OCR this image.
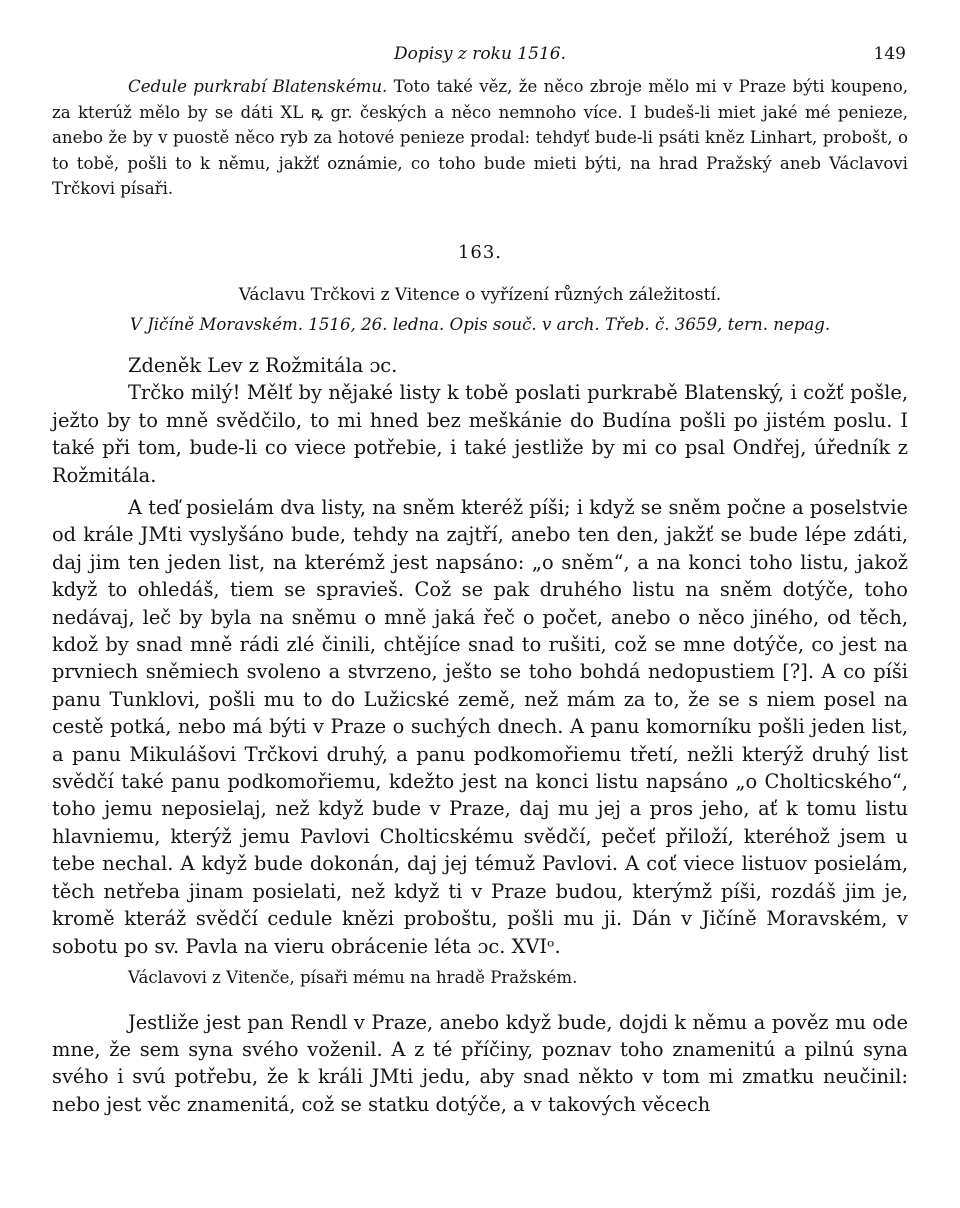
Dopisy z roku 1516.	149

Cedule purkrabí Blatenskému. Toto také věz, že něco zbroje mělo mi v Praze býti koupeno, za kterúž mělo by se dáti XL ꝶ gr. českých a něco nemnoho více. I budeš-li miet jaké mé penieze, anebo že by v puostě něco ryb za hotové penieze prodal: tehdyť bude-li psáti kněz Linhart, probošt, o to tobě, pošli to k němu, jakžť oznámie, co toho bude mieti býti, na hrad Pražský aneb Václavovi Trčkovi písaři.

163.
Václavu Trčkovi z Vitence o vyřízení různých záležitostí.
V Jičíně Moravském. 1516, 26. ledna. Opis souč. v arch. Třeb. č. 3659, tern. nepag.

Zdeněk Lev z Rožmitála ɔc.

Trčko milý! Mělť by nějaké listy k tobě poslati purkrabě Blatenský, i cožť pošle, ježto by to mně svědčilo, to mi hned bez meškánie do Budína pošli po jistém poslu. I také při tom, bude-li co viece potřebie, i také jestliže by mi co psal Ondřej, úředník z Rožmitála.

A teď posielám dva listy, na sněm kteréž píši; i když se sněm počne a poselstvie od krále JMti vyslyšáno bude, tehdy na zajtří, anebo ten den, jakžť se bude lépe zdáti, daj jim ten jeden list, na kterémž jest napsáno: „o sněm“, a na konci toho listu, jakož když to ohledáš, tiem se spravieš. Což se pak druhého listu na sněm dotýče, toho nedávaj, leč by byla na sněmu o mně jaká řeč o počet, anebo o něco jiného, od těch, kdož by snad mně rádi zlé činili, chtějíce snad to rušiti, což se mne dotýče, co jest na prvniech sněmiech svoleno a stvrzeno, ješto se toho bohdá nedopustiem [?]. A co píši panu Tunklovi, pošli mu to do Lužicské země, než mám za to, že se s niem posel na cestě potká, nebo má býti v Praze o suchých dnech. A panu komorníku pošli jeden list, a panu Mikulášovi Trčkovi druhý, a panu podkomořiemu třetí, nežli kterýž druhý list svědčí také panu podkomořiemu, kdežto jest na konci listu napsáno „o Cholticského“, toho jemu neposielaj, než když bude v Praze, daj mu jej a pros jeho, ať k tomu listu hlavniemu, kterýž jemu Pavlovi Cholticskému svědčí, pečeť přiloží, kteréhož jsem u tebe nechal. A když bude dokonán, daj jej témuž Pavlovi. A coť viece listuov posielám, těch netřeba jinam posielati, než když ti v Praze budou, kterýmž píši, rozdáš jim je, kromě kteráž svědčí cedule knězi proboštu, pošli mu ji. Dán v Jičíně Moravském, v sobotu po sv. Pavla na vieru obrácenie léta ɔc. XVIᵒ.

Václavovi z Vitenče, písaři mému na hradě Pražském.

Jestliže jest pan Rendl v Praze, anebo když bude, dojdi k němu a pověz mu ode mne, že sem syna svého voženil. A z té příčiny, poznav toho znamenitú a pilnú syna svého i svú potřebu, že k králi JMti jedu, aby snad někto v tom mi zmatku neučinil: nebo jest věc znamenitá, což se statku dotýče, a v takových věcech
